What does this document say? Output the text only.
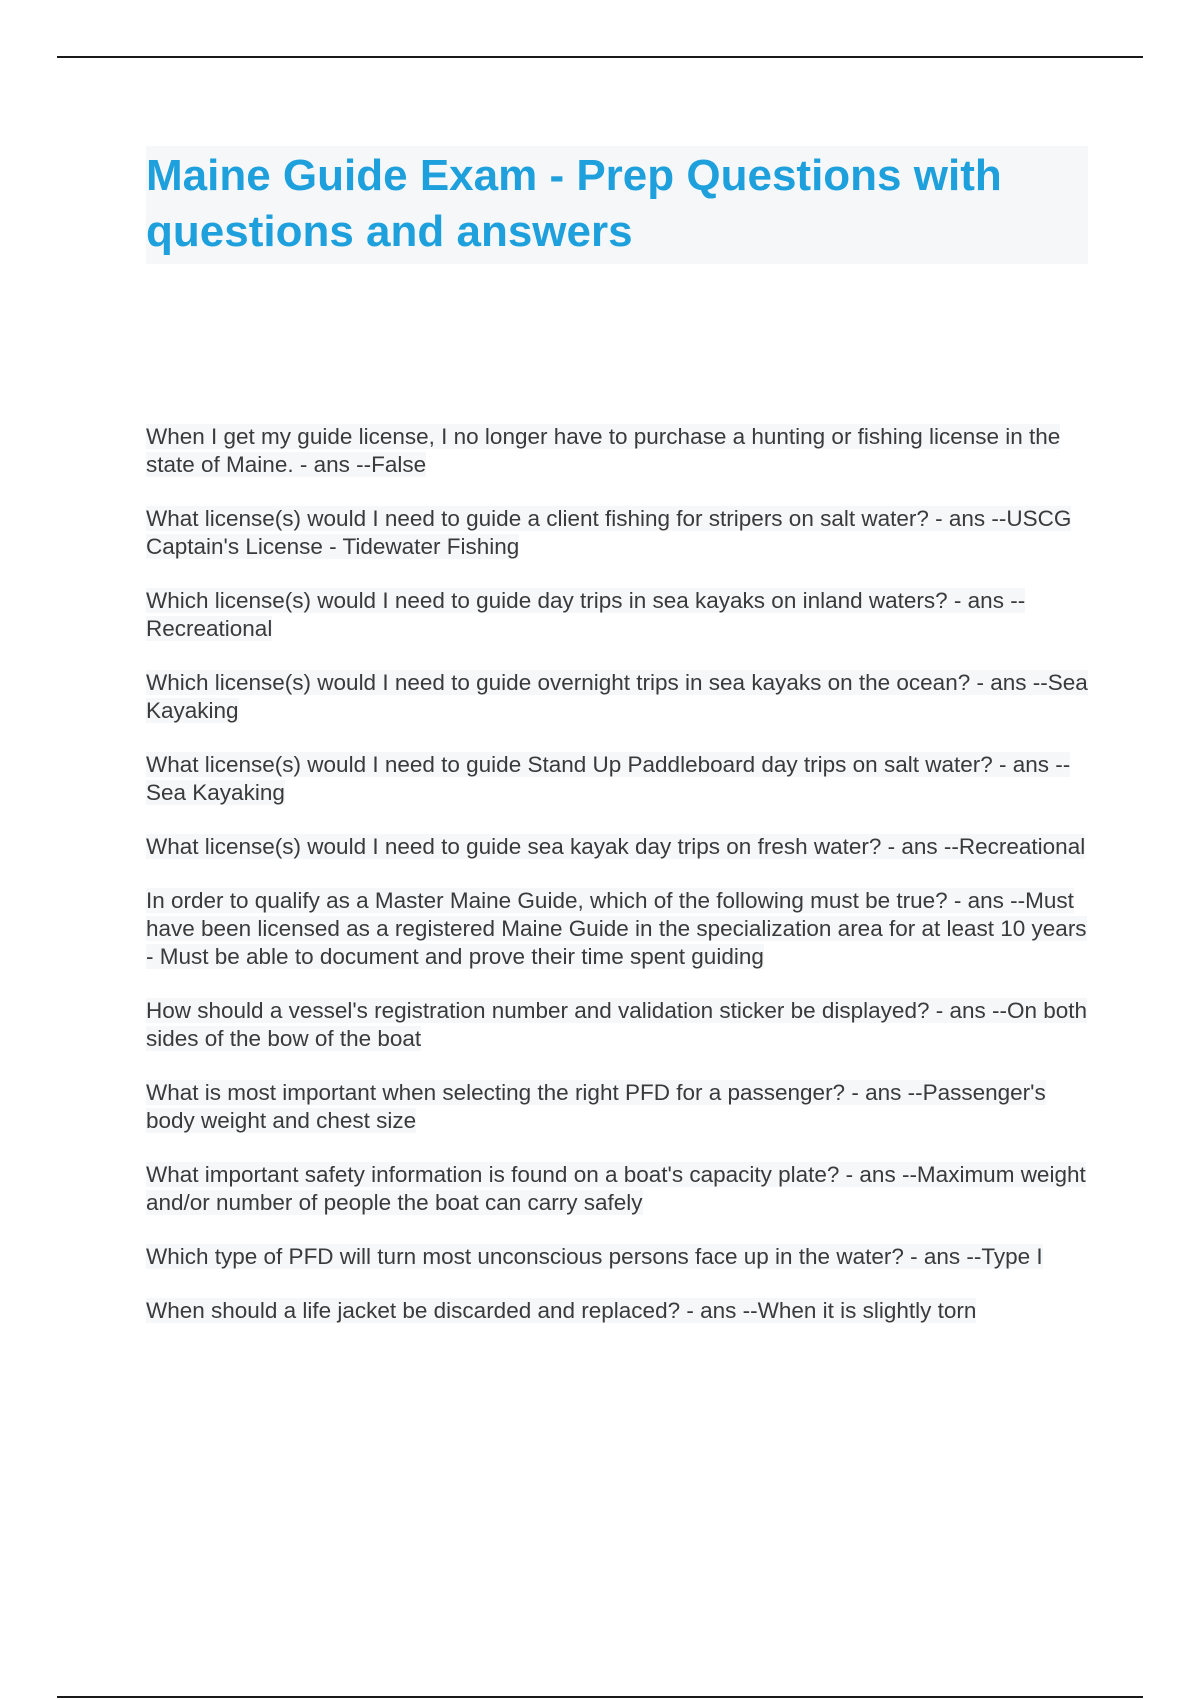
Maine Guide Exam - Prep Questions with questions and answers
When I get my guide license, I no longer have to purchase a hunting or fishing license in the state of Maine. - ans --False
What license(s) would I need to guide a client fishing for stripers on salt water? - ans --USCG Captain's License - Tidewater Fishing
Which license(s) would I need to guide day trips in sea kayaks on inland waters? - ans --Recreational
Which license(s) would I need to guide overnight trips in sea kayaks on the ocean? - ans --Sea Kayaking
What license(s) would I need to guide Stand Up Paddleboard day trips on salt water? - ans --Sea Kayaking
What license(s) would I need to guide sea kayak day trips on fresh water? - ans --Recreational
In order to qualify as a Master Maine Guide, which of the following must be true? - ans --Must have been licensed as a registered Maine Guide in the specialization area for at least 10 years - Must be able to document and prove their time spent guiding
How should a vessel's registration number and validation sticker be displayed? - ans --On both sides of the bow of the boat
What is most important when selecting the right PFD for a passenger? - ans --Passenger's body weight and chest size
What important safety information is found on a boat's capacity plate? - ans --Maximum weight and/or number of people the boat can carry safely
Which type of PFD will turn most unconscious persons face up in the water? - ans --Type I
When should a life jacket be discarded and replaced? - ans --When it is slightly torn
